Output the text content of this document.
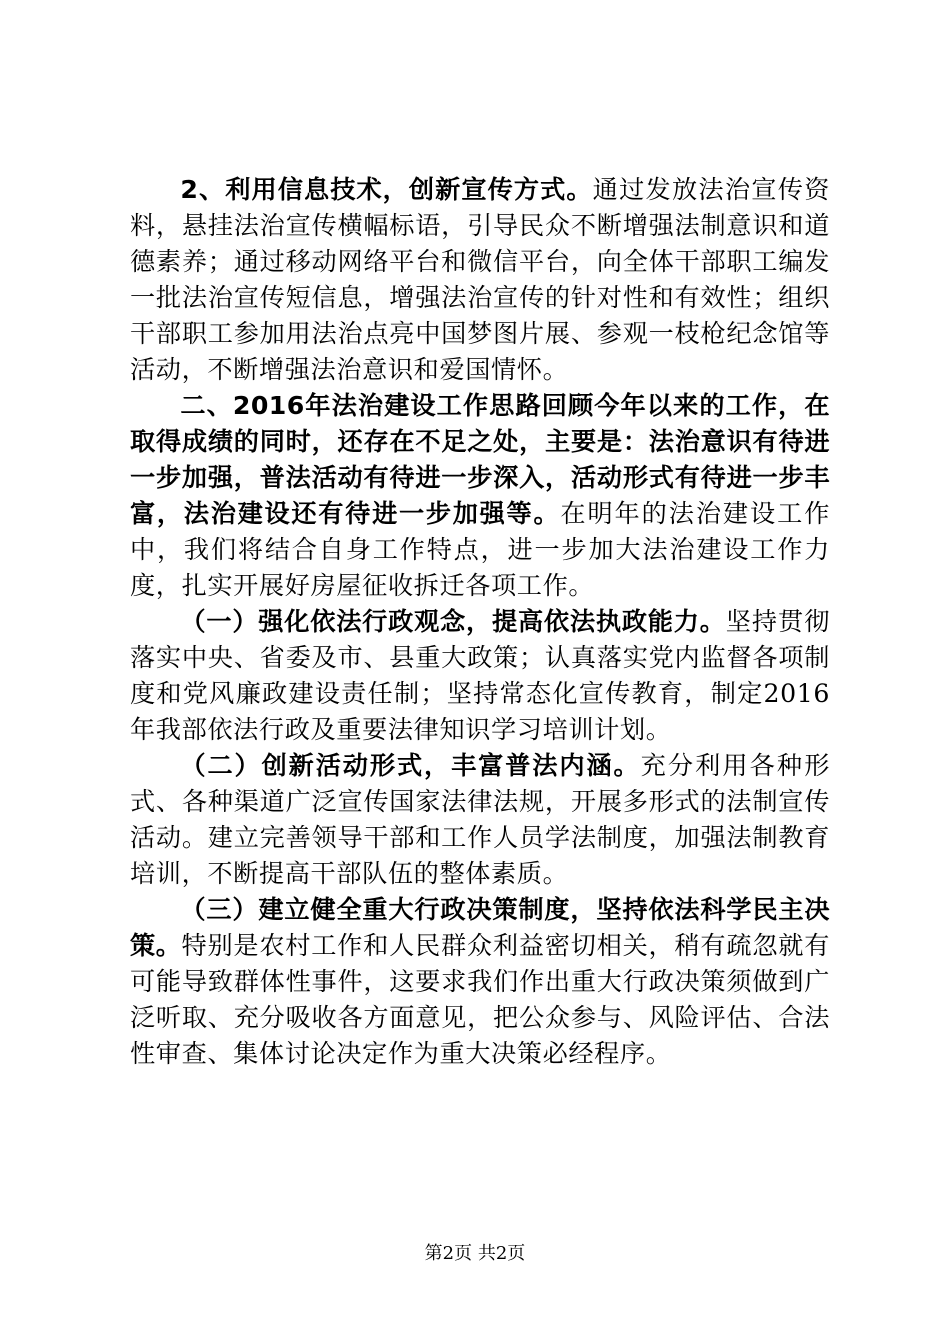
2、利用信息技术，创新宣传方式。通过发放法治宣传资料，悬挂法治宣传横幅标语，引导民众不断增强法制意识和道德素养；通过移动网络平台和微信平台，向全体干部职工编发一批法治宣传短信息，增强法治宣传的针对性和有效性；组织干部职工参加用法治点亮中国梦图片展、参观一枝枪纪念馆等活动，不断增强法治意识和爱国情怀。

二、2016年法治建设工作思路回顾今年以来的工作，在取得成绩的同时，还存在不足之处，主要是：法治意识有待进一步加强，普法活动有待进一步深入，活动形式有待进一步丰富，法治建设还有待进一步加强等。在明年的法治建设工作中，我们将结合自身工作特点，进一步加大法治建设工作力度，扎实开展好房屋征收拆迁各项工作。

（一）强化依法行政观念，提高依法执政能力。坚持贯彻落实中央、省委及市、县重大政策；认真落实党内监督各项制度和党风廉政建设责任制；坚持常态化宣传教育，制定2016年我部依法行政及重要法律知识学习培训计划。

（二）创新活动形式，丰富普法内涵。充分利用各种形式、各种渠道广泛宣传国家法律法规，开展多形式的法制宣传活动。建立完善领导干部和工作人员学法制度，加强法制教育培训，不断提高干部队伍的整体素质。

（三）建立健全重大行政决策制度，坚持依法科学民主决策。特别是农村工作和人民群众利益密切相关，稍有疏忽就有可能导致群体性事件，这要求我们作出重大行政决策须做到广泛听取、充分吸收各方面意见，把公众参与、风险评估、合法性审查、集体讨论决定作为重大决策必经程序。

第2页 共2页
